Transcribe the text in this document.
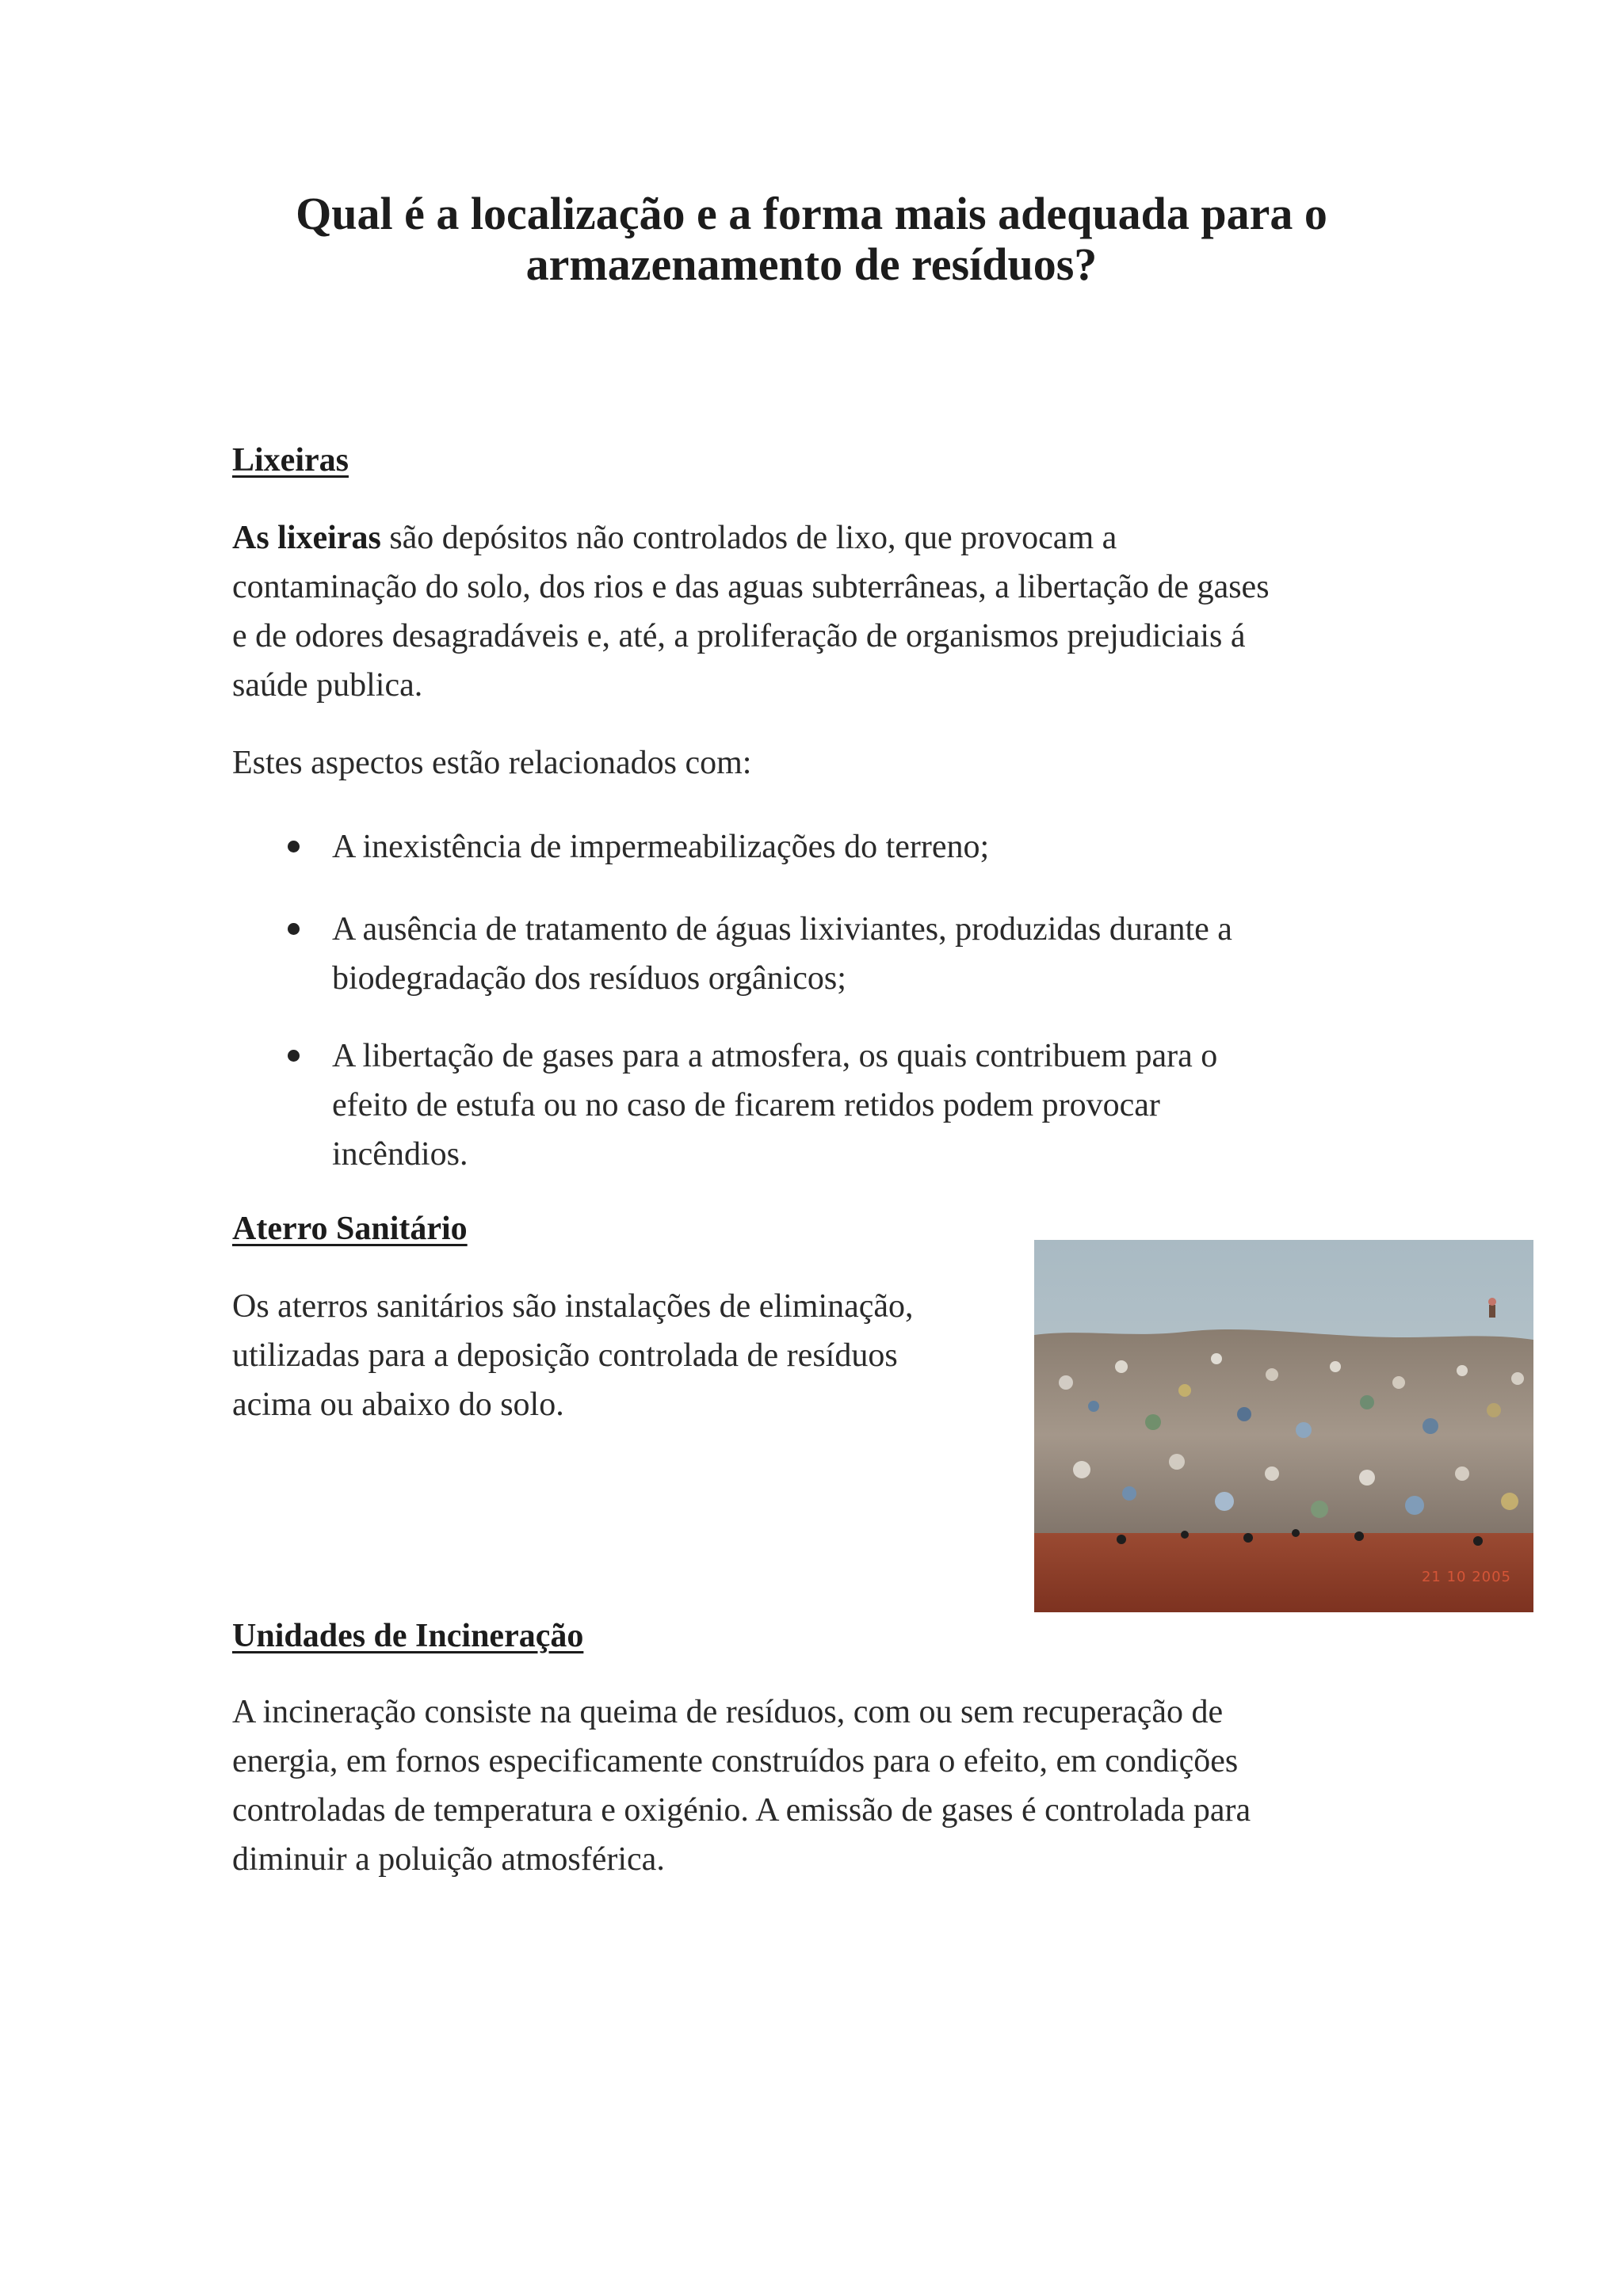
Qual é a localização e a forma mais adequada para o
armazenamento de resíduos?
Lixeiras

As lixeiras são depósitos não controlados de lixo, que provocam a
contaminação do solo, dos rios e das aguas subterrâneas, a libertação de gases
e de odores desagradáveis e, até, a proliferação de organismos prejudiciais á
saúde publica.

Estes aspectos estão relacionados com:

A inexistência de impermeabilizações do terreno;
A ausência de tratamento de águas lixiviantes, produzidas durante a
biodegradação dos resíduos orgânicos;
A libertação de gases para a atmosfera, os quais contribuem para o
efeito de estufa ou no caso de ficarem retidos podem provocar
incêndios.
Aterro Sanitário

Os aterros sanitários são instalações de eliminação,
utilizadas para a deposição controlada de resíduos
acima ou abaixo do solo.

21 10 2005
Unidades de Incineração

A incineração consiste na queima de resíduos, com ou sem recuperação de
energia, em fornos especificamente construídos para o efeito, em condições
controladas de temperatura e oxigénio. A emissão de gases é controlada para
diminuir a poluição atmosférica.
